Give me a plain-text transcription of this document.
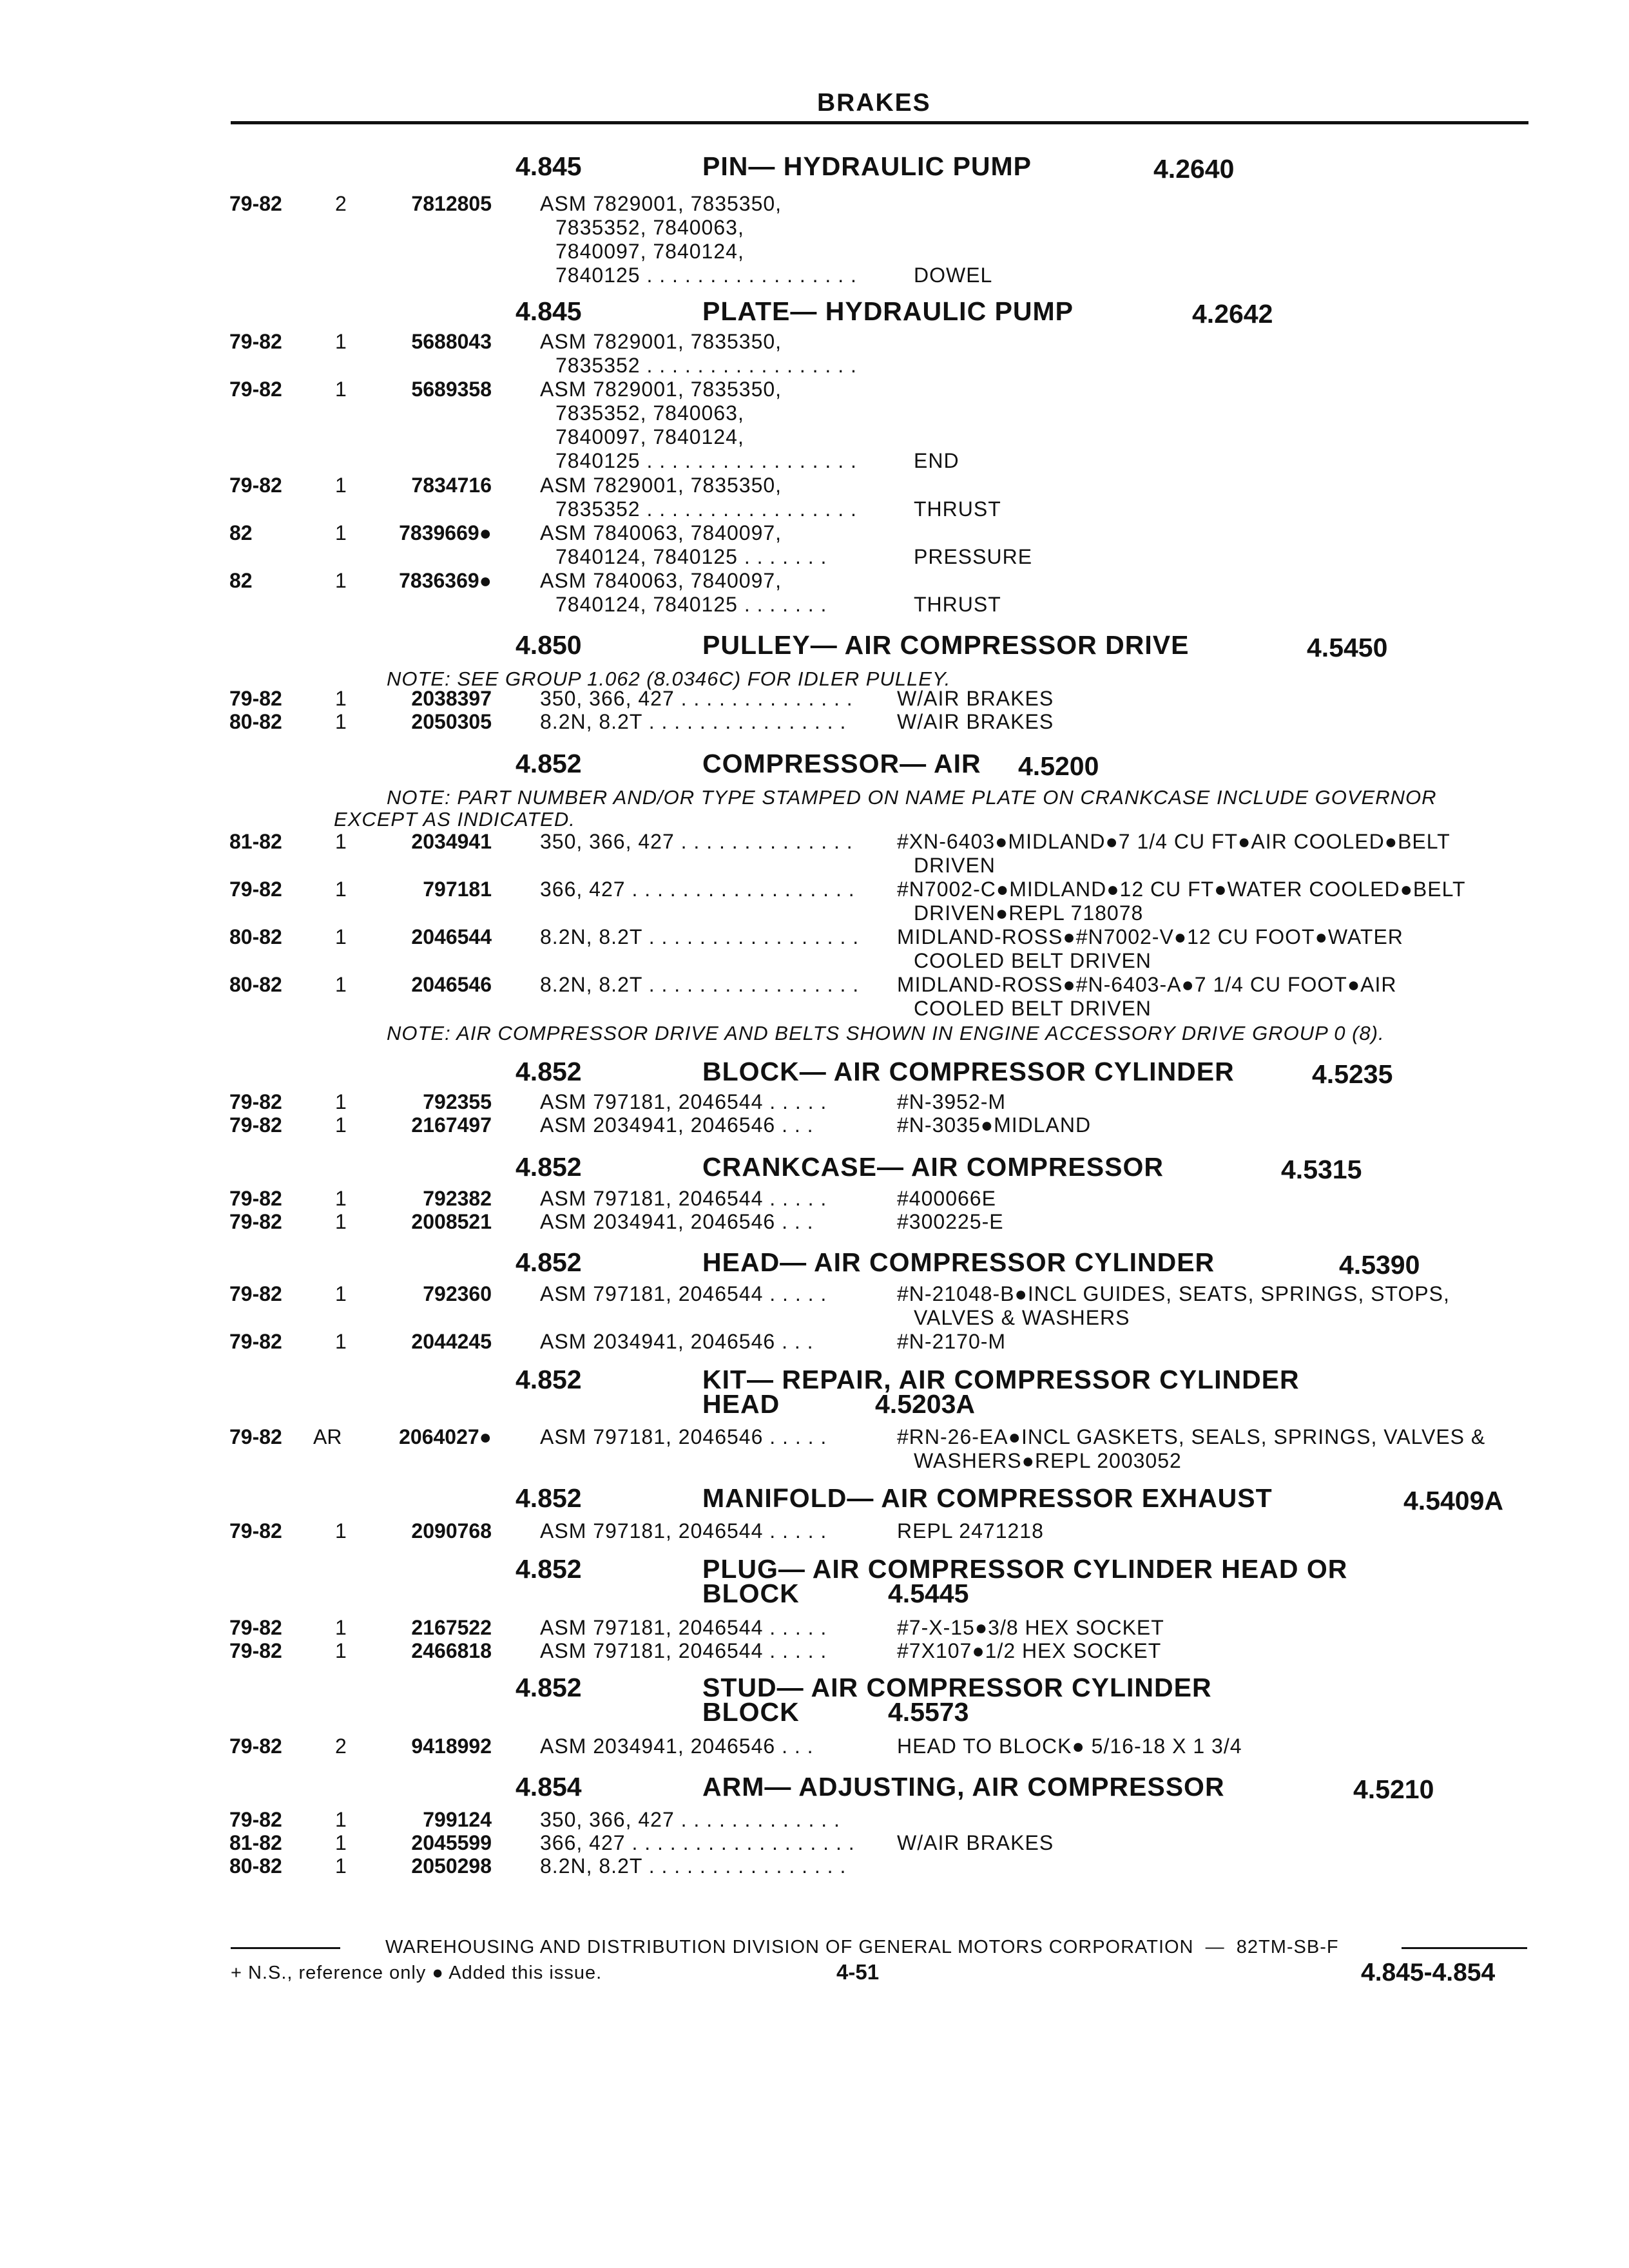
BRAKES
4.845	PIN— HYDRAULIC PUMP	4.2640
79-82	2	7812805 ASM 7829001, 7835350,
7835352, 7840063,
7840097, 7840124,
7840125 . . . . . . . . . . . . . . . . .	DOWEL
4.845	PLATE— HYDRAULIC PUMP	4.2642
79-82	1	5688043 ASM 7829001, 7835350,
7835352 . . . . . . . . . . . . . . . . .
79-82	1	5689358 ASM 7829001, 7835350,
7835352, 7840063,
7840097, 7840124,
7840125 . . . . . . . . . . . . . . . . .	END
79-82	1	7834716 ASM 7829001, 7835350,
7835352 . . . . . . . . . . . . . . . . .	THRUST
82	1	7839669● ASM 7840063, 7840097,
7840124, 7840125 . . . . . . .	PRESSURE
82	1	7836369● ASM 7840063, 7840097,
7840124, 7840125 . . . . . . .	THRUST
4.850	PULLEY— AIR COMPRESSOR DRIVE	4.5450
NOTE: SEE GROUP 1.062 (8.0346C) FOR IDLER PULLEY.
79-82	1	2038397 350, 366, 427 . . . . . . . . . . . . . . W/AIR BRAKES
80-82	1	2050305 8.2N, 8.2T . . . . . . . . . . . . . . . . W/AIR BRAKES
4.852	COMPRESSOR— AIR 4.5200
NOTE: PART NUMBER AND/OR TYPE STAMPED ON NAME PLATE ON CRANKCASE INCLUDE GOVERNOR
EXCEPT AS INDICATED.
81-82	1	2034941 350, 366, 427 . . . . . . . . . . . . . . #XN-6403●MIDLAND●7 1/4 CU FT●AIR COOLED●BELT
DRIVEN
79-82	1	797181 366, 427 . . . . . . . . . . . . . . . . . . #N7002-C●MIDLAND●12 CU FT●WATER COOLED●BELT
DRIVEN●REPL 718078
80-82	1	2046544 8.2N, 8.2T . . . . . . . . . . . . . . . . . MIDLAND-ROSS●#N7002-V●12 CU FOOT●WATER
COOLED BELT DRIVEN
80-82	1	2046546 8.2N, 8.2T . . . . . . . . . . . . . . . . . MIDLAND-ROSS●#N-6403-A●7 1/4 CU FOOT●AIR
COOLED BELT DRIVEN
NOTE: AIR COMPRESSOR DRIVE AND BELTS SHOWN IN ENGINE ACCESSORY DRIVE GROUP 0 (8).
4.852	BLOCK— AIR COMPRESSOR CYLINDER	4.5235
79-82	1	792355 ASM 797181, 2046544 . . . . .	#N-3952-M
79-82	1	2167497 ASM 2034941, 2046546 . . .	#N-3035●MIDLAND
4.852	CRANKCASE— AIR COMPRESSOR	4.5315
79-82	1	792382 ASM 797181, 2046544 . . . . .	#400066E
79-82	1	2008521 ASM 2034941, 2046546 . . .	#300225-E
4.852	HEAD— AIR COMPRESSOR CYLINDER	4.5390
79-82	1	792360 ASM 797181, 2046544 . . . . .	#N-21048-B●INCL GUIDES, SEATS, SPRINGS, STOPS,
VALVES & WASHERS
79-82	1	2044245 ASM 2034941, 2046546 . . .	#N-2170-M
4.852	KIT— REPAIR, AIR COMPRESSOR CYLINDER
HEAD	4.5203A
79-82 AR	2064027● ASM 797181, 2046546 . . . . .	#RN-26-EA●INCL GASKETS, SEALS, SPRINGS, VALVES &
WASHERS●REPL 2003052
4.852	MANIFOLD— AIR COMPRESSOR EXHAUST	4.5409A
79-82	1	2090768 ASM 797181, 2046544 . . . . .	REPL 2471218
4.852	PLUG— AIR COMPRESSOR CYLINDER HEAD OR
BLOCK	4.5445
79-82	1	2167522 ASM 797181, 2046544 . . . . .	#7-X-15●3/8 HEX SOCKET
79-82	1	2466818 ASM 797181, 2046544 . . . . .	#7X107●1/2 HEX SOCKET
4.852	STUD— AIR COMPRESSOR CYLINDER
BLOCK	4.5573
79-82	2	9418992 ASM 2034941, 2046546 . . .	HEAD TO BLOCK● 5/16-18 X 1 3/4
4.854	ARM— ADJUSTING, AIR COMPRESSOR	4.5210
79-82	1	799124 350, 366, 427 . . . . . . . . . . . . .
81-82	1	2045599 366, 427 . . . . . . . . . . . . . . . . . . W/AIR BRAKES
80-82	1	2050298 8.2N, 8.2T . . . . . . . . . . . . . . . .
WAREHOUSING AND DISTRIBUTION DIVISION OF GENERAL MOTORS CORPORATION  —  82TM-SB-F
+ N.S., reference only ● Added this issue.	4-51	4.845-4.854
